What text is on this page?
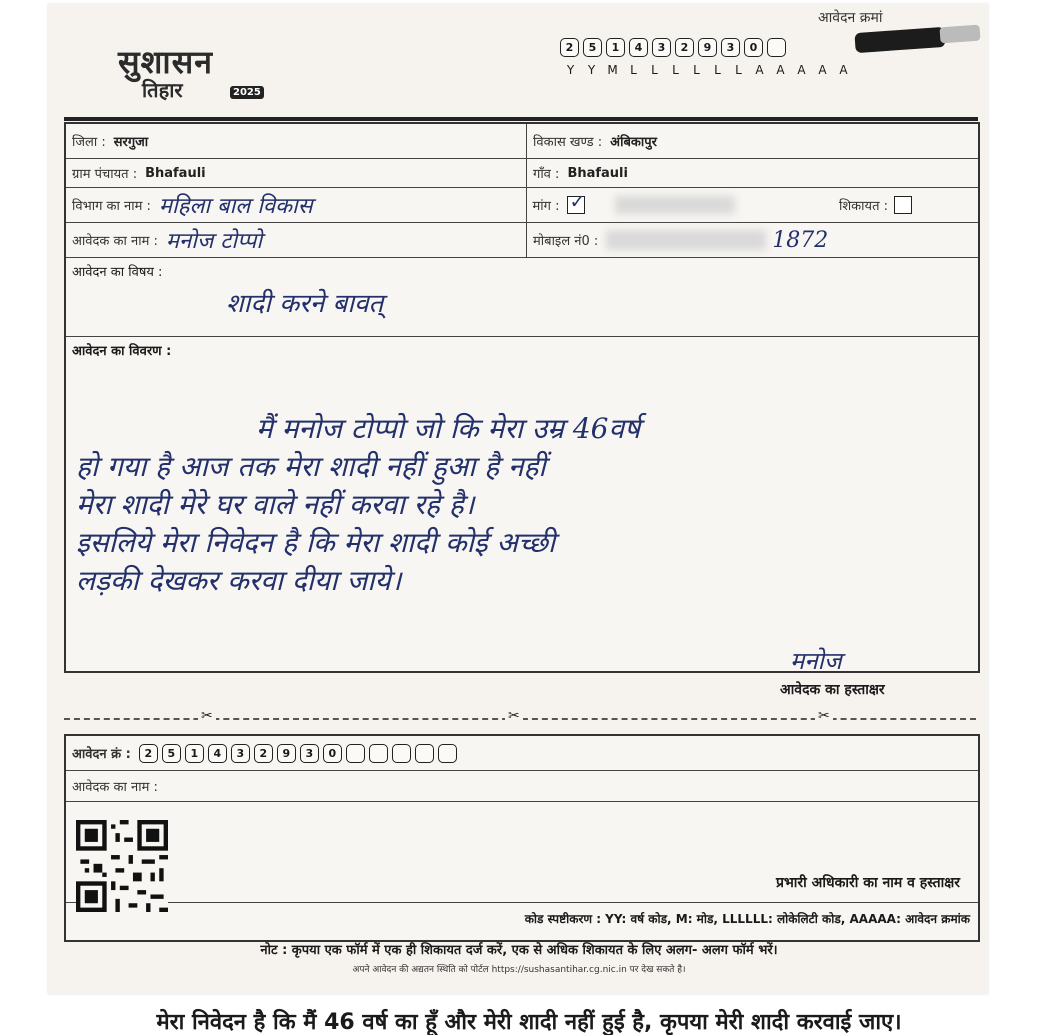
सुशासन
तिहार	2025
आवेदन क्रमां
2	5	1	4	3	2	9	3	0
Y	Y	M	L	L	L	L	L	L	A	A	A	A	A
जिला : सरगुजा	विकास खण्ड : अंबिकापुर
ग्राम पंचायत : Bhafauli	गाँव : Bhafauli
विभाग का नाम : महिला बाल विकास	मांग :
✓	शिकायत :
आवेदक का नाम : मनोज टोप्पो	मोबाइल नं0 :	1872
आवेदन का विषय :
शादी करने बावत्
आवेदन का विवरण :
मैं मनोज टोप्पो जो कि मेरा उम्र 46वर्ष
हो गया है आज तक मेरा शादी नहीं हुआ है नहीं
मेरा शादी मेरे घर वाले नहीं करवा रहे है।
इसलिये मेरा निवेदन है कि मेरा शादी कोई अच्छी
लड़की देखकर करवा दीया जाये।
मनोज
आवेदक का हस्ताक्षर
✂	✂	✂
आवेदन क्रं :	2	5	1	4	3	2	9	3	0
आवेदक का नाम :
प्रभारी अधिकारी का नाम व हस्ताक्षर
कोड स्पष्टीकरण : YY: वर्ष कोड, M: मोड, LLLLLL: लोकेलिटी कोड, AAAAA: आवेदन क्रमांक
नोट : कृपया एक फॉर्म में एक ही शिकायत दर्ज करें, एक से अधिक शिकायत के लिए अलग- अलग फॉर्म भरें।
अपने आवेदन की अद्यतन स्थिति को पोर्टल https://sushasantihar.cg.nic.in पर देख सकते है।
मेरा निवेदन है कि मैं 46 वर्ष का हूँ और मेरी शादी नहीं हुई है, कृपया मेरी शादी करवाई जाए।
